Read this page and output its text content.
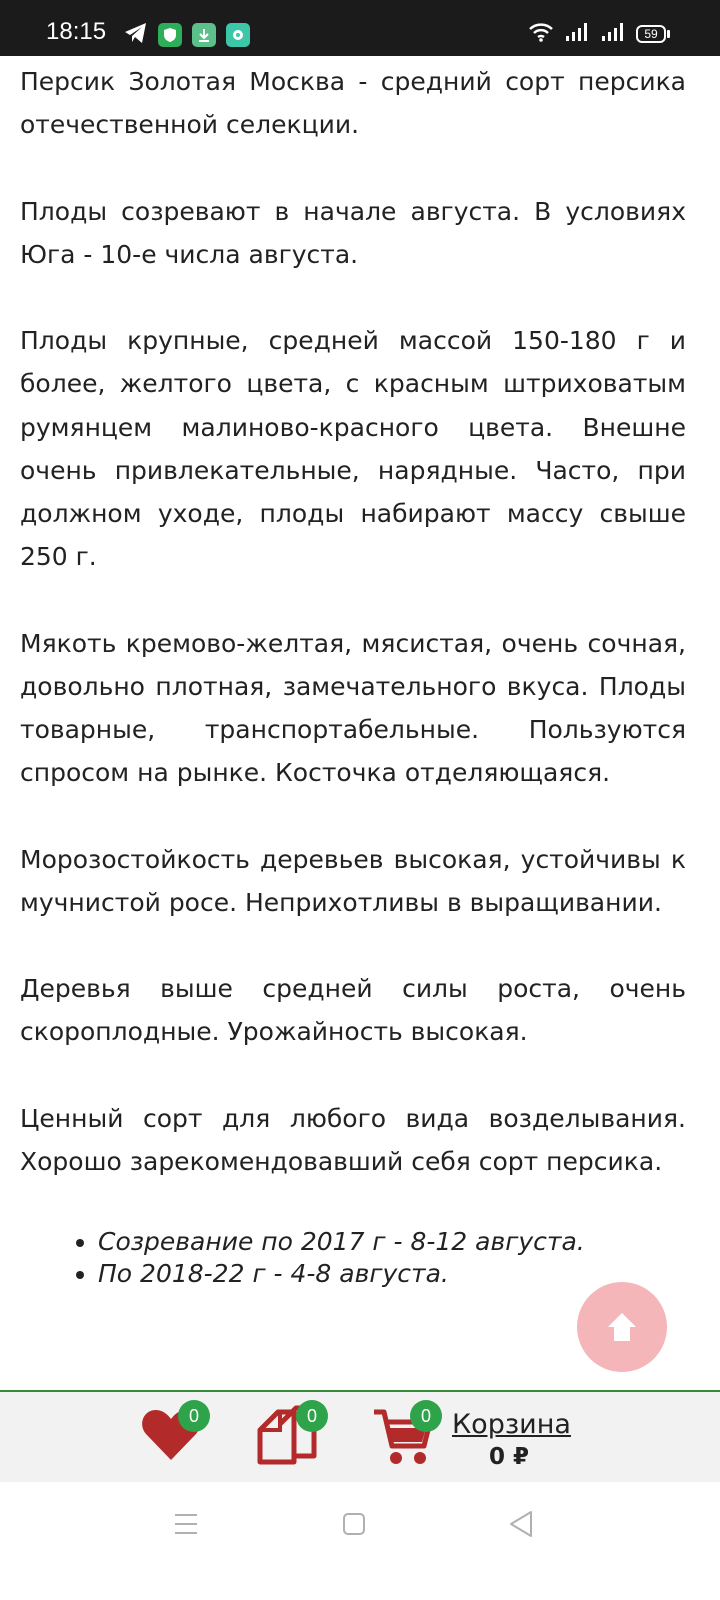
18:15	59

Персик Золотая Москва - средний сорт персика отечественной селекции.

Плоды созревают в начале августа. В условиях Юга - 10-е числа августа.

Плоды крупные, средней массой 150-180 г и более, желтого цвета, с красным штриховатым румянцем малиново-красного цвета. Внешне очень привлекательные, нарядные. Часто, при должном уходе, плоды набирают массу свыше 250 г.

Мякоть кремово-желтая, мясистая, очень сочная, довольно плотная, замечательного вкуса. Плоды товарные, транспортабельные. Пользуются спросом на рынке. Косточка отделяющаяся.

Морозостойкость деревьев высокая, устойчивы к мучнистой росе. Неприхотливы в выращивании.

Деревья выше средней силы роста, очень скороплодные. Урожайность высокая.

Ценный сорт для любого вида возделывания. Хорошо зарекомендовавший себя сорт персика.

• Созревание по 2017 г - 8-12 августа.
• По 2018-22 г - 4-8 августа.
0	0	0 Корзина
0 ₽
